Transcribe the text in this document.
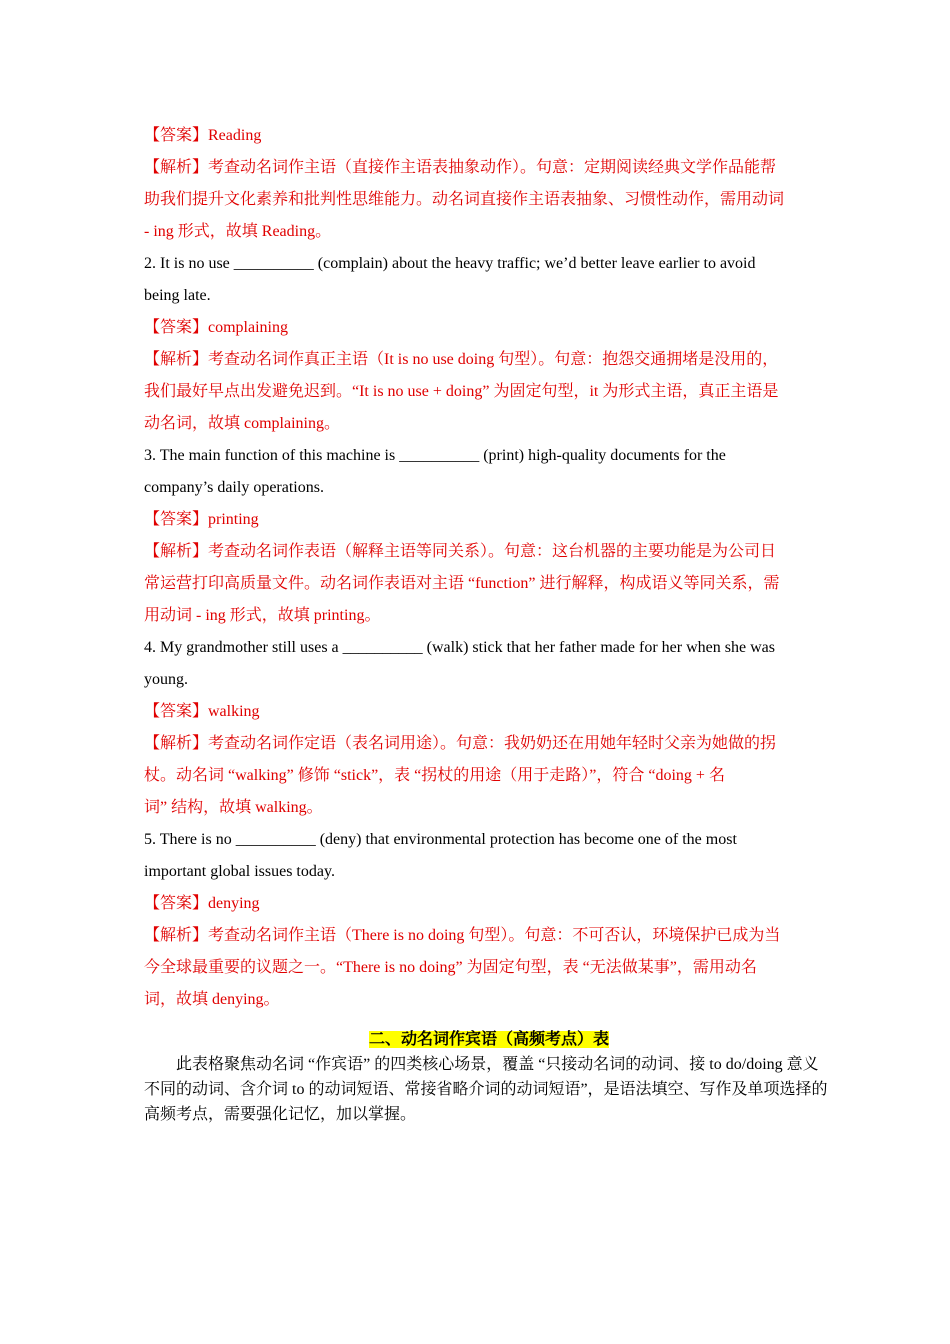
【答案】Reading
【解析】考查动名词作主语（直接作主语表抽象动作）。句意：定期阅读经典文学作品能帮
助我们提升文化素养和批判性思维能力。动名词直接作主语表抽象、习惯性动作，需用动词
- ing 形式，故填 Reading。
2. It is no use __________ (complain) about the heavy traffic; we’d better leave earlier to avoid
being late.
【答案】complaining
【解析】考查动名词作真正主语（It is no use doing 句型）。句意：抱怨交通拥堵是没用的，
我们最好早点出发避免迟到。“It is no use + doing” 为固定句型，it 为形式主语，真正主语是
动名词，故填 complaining。
3. The main function of this machine is __________ (print) high-quality documents for the
company’s daily operations.
【答案】printing
【解析】考查动名词作表语（解释主语等同关系）。句意：这台机器的主要功能是为公司日
常运营打印高质量文件。动名词作表语对主语 “function” 进行解释，构成语义等同关系，需
用动词 - ing 形式，故填 printing。
4. My grandmother still uses a __________ (walk) stick that her father made for her when she was
young.
【答案】walking
【解析】考查动名词作定语（表名词用途）。句意：我奶奶还在用她年轻时父亲为她做的拐
杖。动名词 “walking” 修饰 “stick”，表 “拐杖的用途（用于走路）”，符合 “doing + 名
词” 结构，故填 walking。
5. There is no __________ (deny) that environmental protection has become one of the most
important global issues today.
【答案】denying
【解析】考查动名词作主语（There is no doing 句型）。句意：不可否认，环境保护已成为当
今全球最重要的议题之一。“There is no doing” 为固定句型，表 “无法做某事”，需用动名
词，故填 denying。
二、动名词作宾语（高频考点）表
此表格聚焦动名词 “作宾语” 的四类核心场景，覆盖 “只接动名词的动词、接 to do/doing 意义不同的动词、含介词 to 的动词短语、常接省略介词的动词短语”，是语法填空、写作及单项选择的高频考点，需要强化记忆，加以掌握。
